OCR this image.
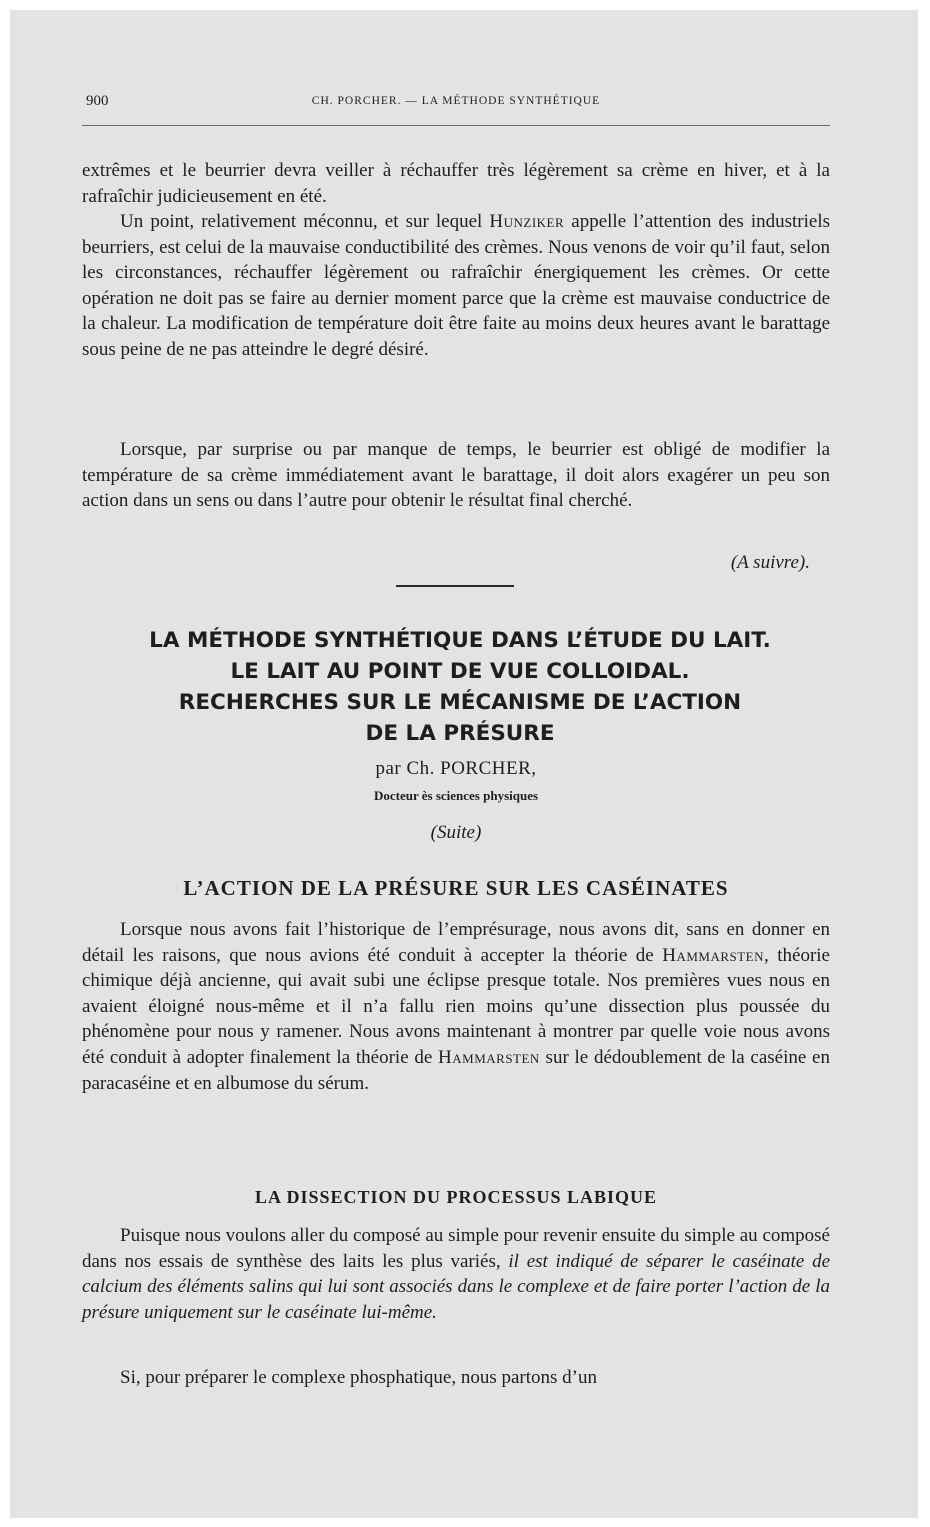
900	CH. PORCHER. — LA MÉTHODE SYNTHÉTIQUE

extrêmes et le beurrier devra veiller à réchauffer très légèrement sa crème en hiver, et à la rafraîchir judicieusement en été.

Un point, relativement méconnu, et sur lequel Hunziker appelle l’attention des industriels beurriers, est celui de la mauvaise conductibilité des crèmes. Nous venons de voir qu’il faut, selon les circonstances, réchauffer légèrement ou rafraîchir énergiquement les crèmes. Or cette opération ne doit pas se faire au dernier moment parce que la crème est mauvaise conductrice de la chaleur. La modification de température doit être faite au moins deux heures avant le barattage sous peine de ne pas atteindre le degré désiré.

Lorsque, par surprise ou par manque de temps, le beurrier est obligé de modifier la température de sa crème immédiatement avant le barattage, il doit alors exagérer un peu son action dans un sens ou dans l’autre pour obtenir le résultat final cherché.

(A suivre).
LA MÉTHODE SYNTHÉTIQUE DANS L’ÉTUDE DU LAIT.
LE LAIT AU POINT DE VUE COLLOIDAL.
RECHERCHES SUR LE MÉCANISME DE L’ACTION
DE LA PRÉSURE
par Ch. PORCHER,
Docteur ès sciences physiques
(Suite)
L’ACTION DE LA PRÉSURE SUR LES CASÉINATES

Lorsque nous avons fait l’historique de l’emprésurage, nous avons dit, sans en donner en détail les raisons, que nous avions été conduit à accepter la théorie de Hammarsten, théorie chimique déjà ancienne, qui avait subi une éclipse presque totale. Nos premières vues nous en avaient éloigné nous-même et il n’a fallu rien moins qu’une dissection plus poussée du phénomène pour nous y ramener. Nous avons maintenant à montrer par quelle voie nous avons été conduit à adopter finalement la théorie de Hammarsten sur le dédoublement de la caséine en paracaséine et en albumose du sérum.

LA DISSECTION DU PROCESSUS LABIQUE

Puisque nous voulons aller du composé au simple pour revenir ensuite du simple au composé dans nos essais de synthèse des laits les plus variés, il est indiqué de séparer le caséinate de calcium des éléments salins qui lui sont associés dans le complexe et de faire porter l’action de la présure uniquement sur le caséinate lui-même.

Si, pour préparer le complexe phosphatique, nous partons d’un
